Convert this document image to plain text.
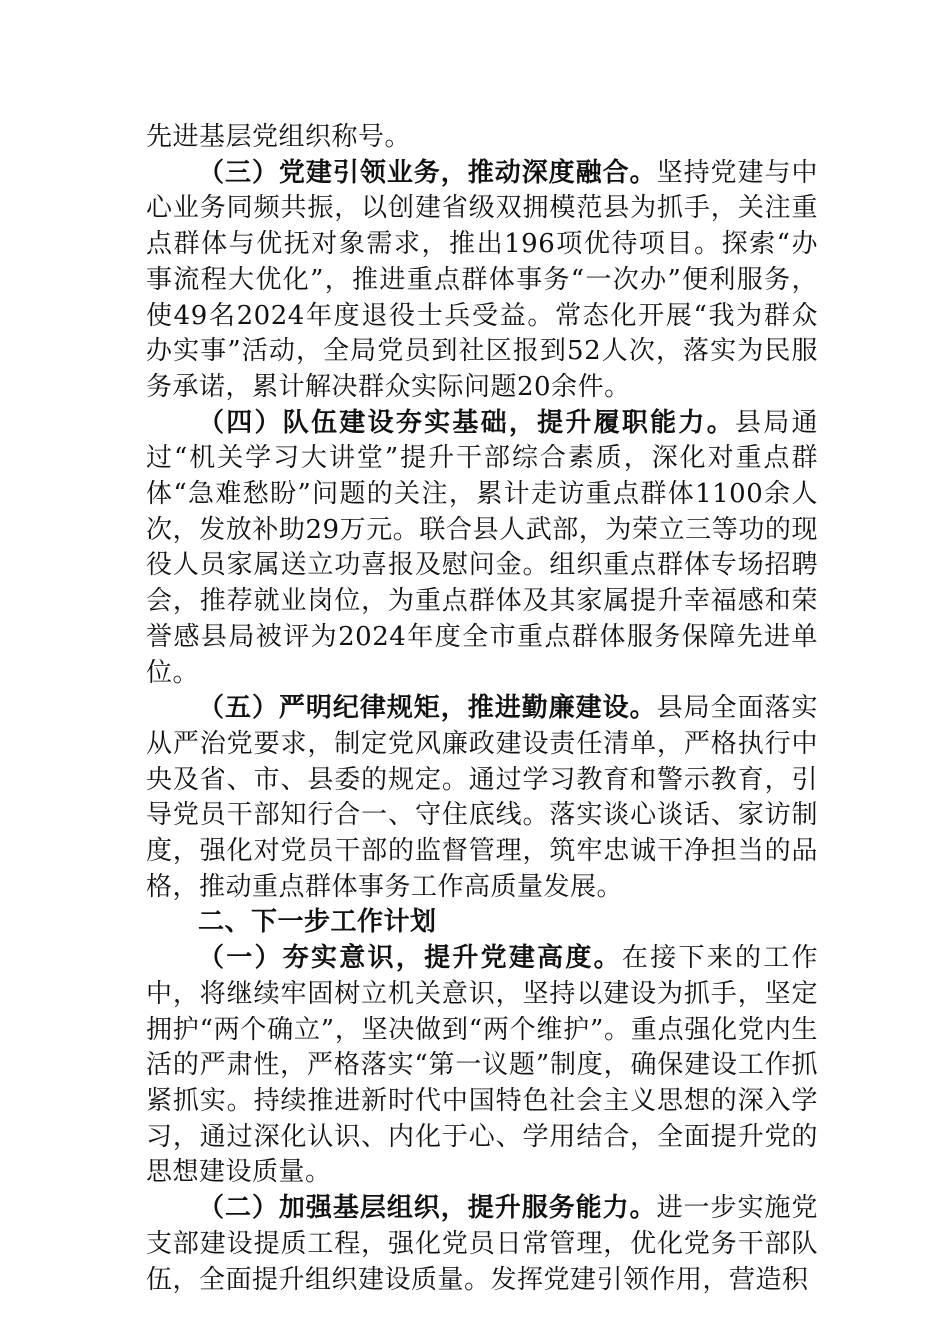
先进基层党组织称号。

（三）党建引领业务，推动深度融合。坚持党建与中心业务同频共振，以创建省级双拥模范县为抓手，关注重点群体与优抚对象需求，推出196项优待项目。探索“办事流程大优化”，推进重点群体事务“一次办”便利服务，使49名2024年度退役士兵受益。常态化开展“我为群众办实事”活动，全局党员到社区报到52人次，落实为民服务承诺，累计解决群众实际问题20余件。

（四）队伍建设夯实基础，提升履职能力。县局通过“机关学习大讲堂”提升干部综合素质，深化对重点群体“急难愁盼”问题的关注，累计走访重点群体1100余人次，发放补助29万元。联合县人武部，为荣立三等功的现役人员家属送立功喜报及慰问金。组织重点群体专场招聘会，推荐就业岗位，为重点群体及其家属提升幸福感和荣誉感县局被评为2024年度全市重点群体服务保障先进单位。

（五）严明纪律规矩，推进勤廉建设。县局全面落实从严治党要求，制定党风廉政建设责任清单，严格执行中央及省、市、县委的规定。通过学习教育和警示教育，引导党员干部知行合一、守住底线。落实谈心谈话、家访制度，强化对党员干部的监督管理，筑牢忠诚干净担当的品格，推动重点群体事务工作高质量发展。

二、下一步工作计划

（一）夯实意识，提升党建高度。在接下来的工作中，将继续牢固树立机关意识，坚持以建设为抓手，坚定拥护“两个确立”，坚决做到“两个维护”。重点强化党内生活的严肃性，严格落实“第一议题”制度，确保建设工作抓紧抓实。持续推进新时代中国特色社会主义思想的深入学习，通过深化认识、内化于心、学用结合，全面提升党的思想建设质量。

（二）加强基层组织，提升服务能力。进一步实施党支部建设提质工程，强化党员日常管理，优化党务干部队伍，全面提升组织建设质量。发挥党建引领作用，营造积
